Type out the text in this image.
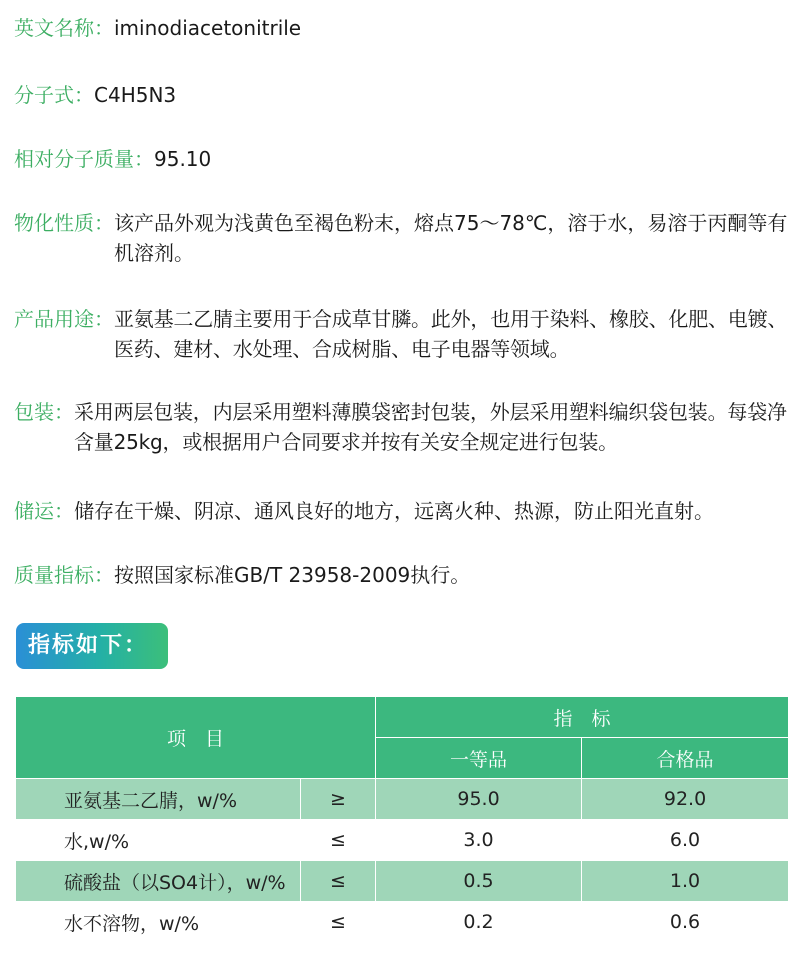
英文名称： iminodiacetonitrile
分子式： C4H5N3
相对分子质量： 95.10
物化性质： 该产品外观为浅黄色至褐色粉末，熔点75～78℃，溶于水，易溶于丙酮等有机溶剂。
产品用途： 亚氨基二乙腈主要用于合成草甘膦。此外，也用于染料、橡胶、化肥、电镀、医药、建材、水处理、合成树脂、电子电器等领域。
包装： 采用两层包装，内层采用塑料薄膜袋密封包装，外层采用塑料编织袋包装。每袋净含量25kg，或根据用户合同要求并按有关安全规定进行包装。
储运： 储存在干燥、阴凉、通风良好的地方，远离火种、热源，防止阳光直射。
质量指标： 按照国家标准GB/T 23958-2009执行。
指标如下：
项　目		指　标	
		一等品	合格品
亚氨基二乙腈，w/%	≥	95.0	92.0
水,w/%	≤	3.0	6.0
硫酸盐（以SO4计），w/%	≤	0.5	1.0
水不溶物，w/%	≤	0.2	0.6
